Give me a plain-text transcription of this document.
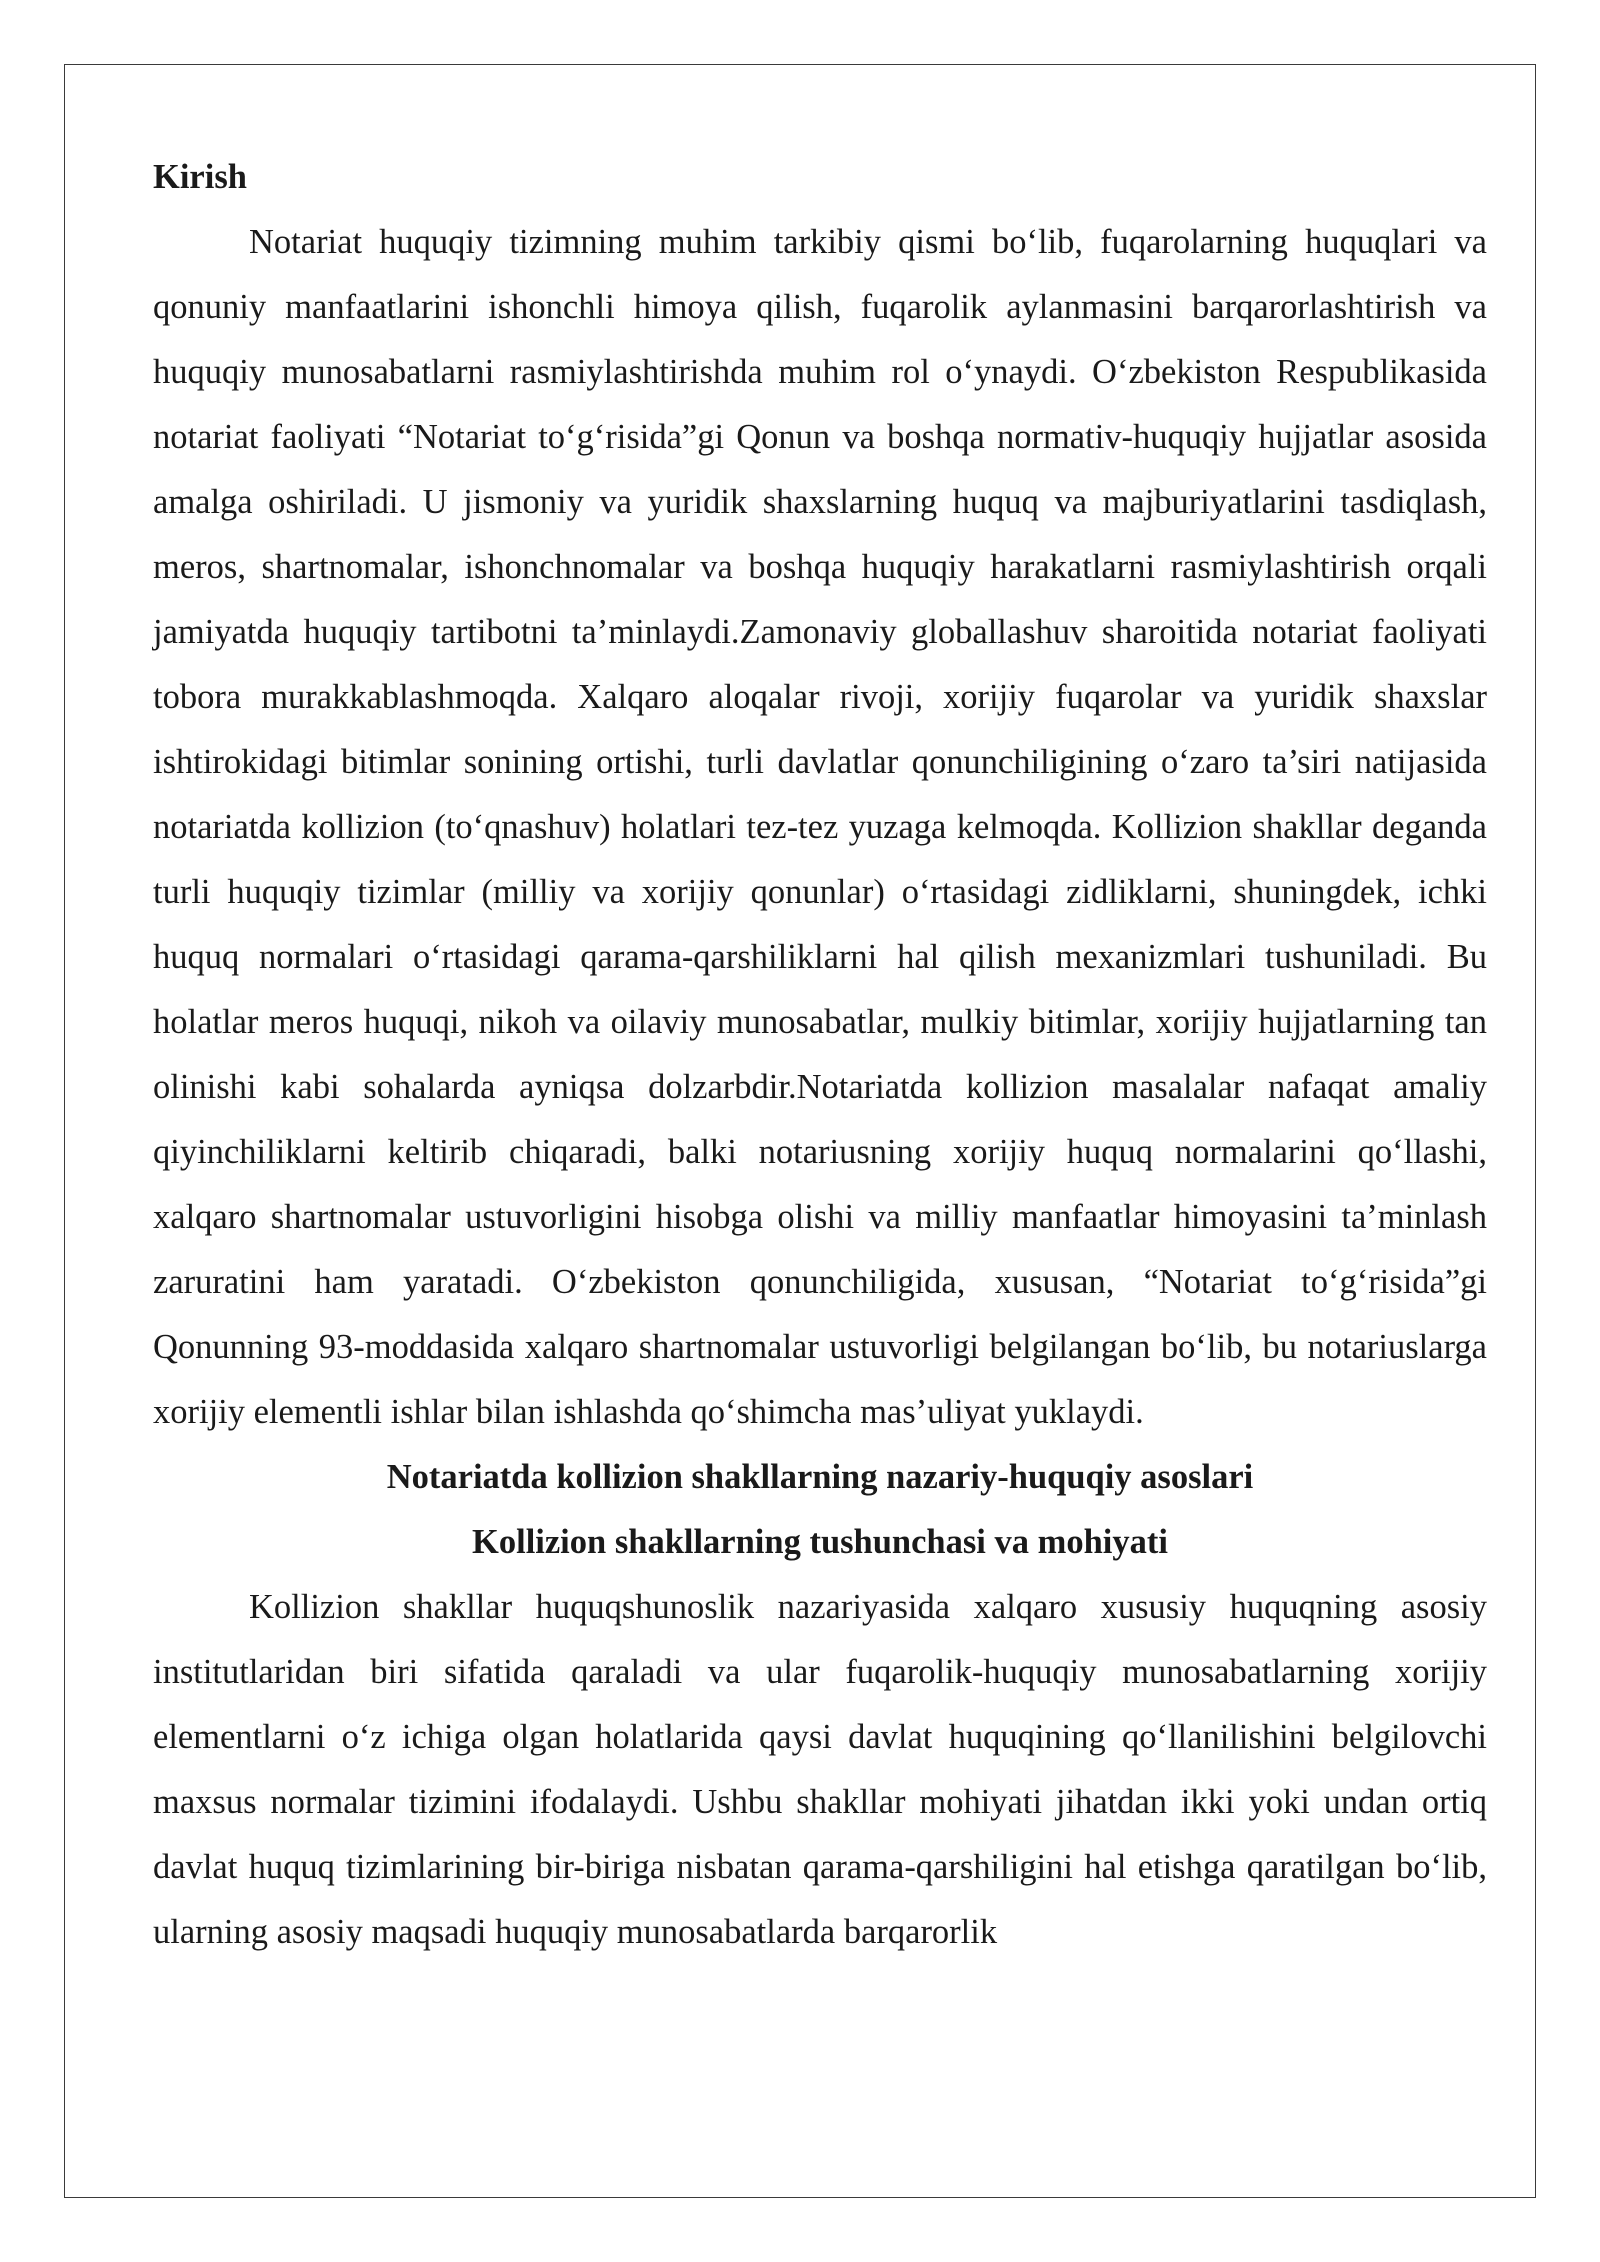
Kirish

Notariat huquqiy tizimning muhim tarkibiy qismi bo‘lib, fuqarolarning huquqlari va qonuniy manfaatlarini ishonchli himoya qilish, fuqarolik aylanmasini barqarorlashtirish va huquqiy munosabatlarni rasmiylashtirishda muhim rol o‘ynaydi. O‘zbekiston Respublikasida notariat faoliyati “Notariat to‘g‘risida”gi Qonun va boshqa normativ-huquqiy hujjatlar asosida amalga oshiriladi. U jismoniy va yuridik shaxslarning huquq va majburiyatlarini tasdiqlash, meros, shartnomalar, ishonchnomalar va boshqa huquqiy harakatlarni rasmiylashtirish orqali jamiyatda huquqiy tartibotni ta’minlaydi.Zamonaviy globallashuv sharoitida notariat faoliyati tobora murakkablashmoqda. Xalqaro aloqalar rivoji, xorijiy fuqarolar va yuridik shaxslar ishtirokidagi bitimlar sonining ortishi, turli davlatlar qonunchiligining o‘zaro ta’siri natijasida notariatda kollizion (to‘qnashuv) holatlari tez-tez yuzaga kelmoqda. Kollizion shakllar deganda turli huquqiy tizimlar (milliy va xorijiy qonunlar) o‘rtasidagi zidliklarni, shuningdek, ichki huquq normalari o‘rtasidagi qarama-qarshiliklarni hal qilish mexanizmlari tushuniladi. Bu holatlar meros huquqi, nikoh va oilaviy munosabatlar, mulkiy bitimlar, xorijiy hujjatlarning tan olinishi kabi sohalarda ayniqsa dolzarbdir.Notariatda kollizion masalalar nafaqat amaliy qiyinchiliklarni keltirib chiqaradi, balki notariusning xorijiy huquq normalarini qo‘llashi, xalqaro shartnomalar ustuvorligini hisobga olishi va milliy manfaatlar himoyasini ta’minlash zaruratini ham yaratadi. O‘zbekiston qonunchiligida, xususan, “Notariat to‘g‘risida”gi Qonunning 93-moddasida xalqaro shartnomalar ustuvorligi belgilangan bo‘lib, bu notariuslarga xorijiy elementli ishlar bilan ishlashda qo‘shimcha mas’uliyat yuklaydi.

Notariatda kollizion shakllarning nazariy-huquqiy asoslari

Kollizion shakllarning tushunchasi va mohiyati

Kollizion shakllar huquqshunoslik nazariyasida xalqaro xususiy huquqning asosiy institutlaridan biri sifatida qaraladi va ular fuqarolik-huquqiy munosabatlarning xorijiy elementlarni o‘z ichiga olgan holatlarida qaysi davlat huquqining qo‘llanilishini belgilovchi maxsus normalar tizimini ifodalaydi. Ushbu shakllar mohiyati jihatdan ikki yoki undan ortiq davlat huquq tizimlarining bir-biriga nisbatan qarama-qarshiligini hal etishga qaratilgan bo‘lib, ularning asosiy maqsadi huquqiy munosabatlarda barqarorlik
